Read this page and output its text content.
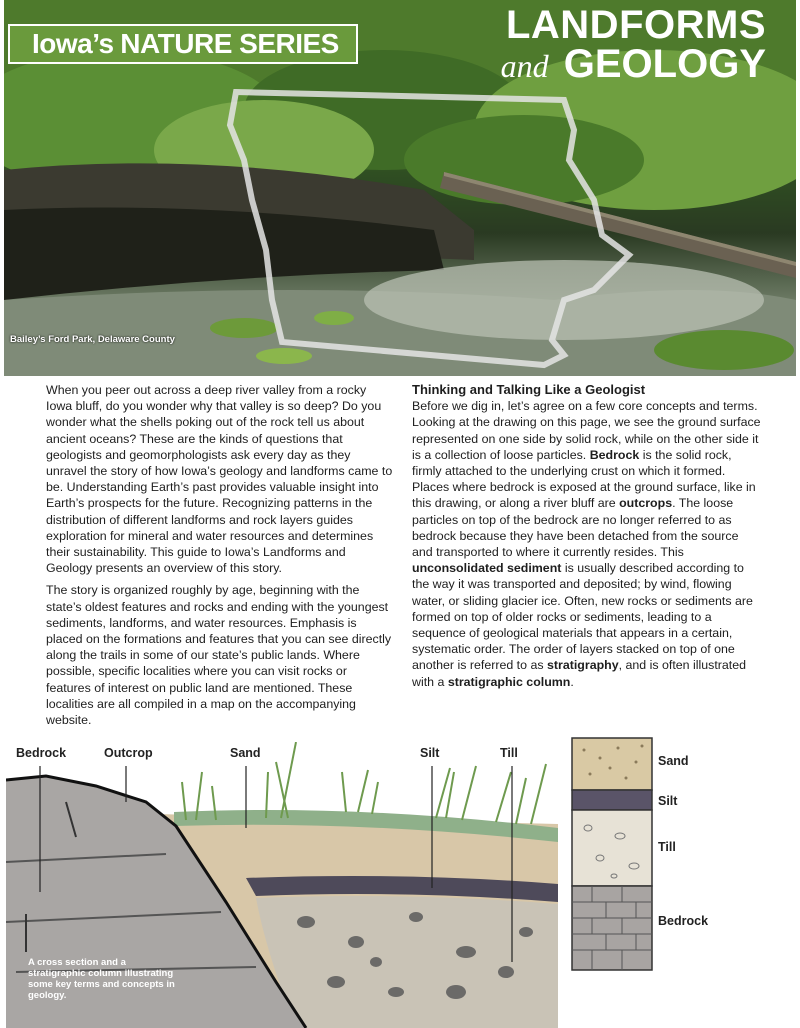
Iowa’s NATURE SERIES	LANDFORMS
and GEOLOGY
Bailey’s Ford Park, Delaware County

When you peer out across a deep river valley from a rocky Iowa bluff, do you wonder why that valley is so deep? Do you wonder what the shells poking out of the rock tell us about ancient oceans? These are the kinds of questions that geologists and geomorphologists ask every day as they unravel the story of how Iowa’s geology and landforms came to be. Understanding Earth’s past provides valuable insight into Earth’s prospects for the future. Recognizing patterns in the distribution of different landforms and rock layers guides exploration for mineral and water resources and determines their sustainability. This guide to Iowa’s Landforms and Geology presents an overview of this story.

The story is organized roughly by age, beginning with the state’s oldest features and rocks and ending with the youngest sediments, landforms, and water resources. Emphasis is placed on the formations and features that you can see directly along the trails in some of our state’s public lands. Where possible, specific localities where you can visit rocks or features of interest on public land are mentioned. These localities are all compiled in a map on the accompanying website.

Thinking and Talking Like a Geologist

Before we dig in, let’s agree on a few core concepts and terms. Looking at the drawing on this page, we see the ground surface represented on one side by solid rock, while on the other side it is a collection of loose particles. Bedrock is the solid rock, firmly attached to the underlying crust on which it formed. Places where bedrock is exposed at the ground surface, like in this drawing, or along a river bluff are outcrops. The loose particles on top of the bedrock are no longer referred to as bedrock because they have been detached from the source and transported to where it currently resides. This unconsolidated sediment is usually described according to the way it was transported and deposited; by wind, flowing water, or sliding glacier ice. Often, new rocks or sediments are formed on top of older rocks or sediments, leading to a sequence of geological materials that appears in a certain, systematic order. The order of layers stacked on top of one another is referred to as stratigraphy, and is often illustrated with a stratigraphic column.

Bedrock	Outcrop	Sand	Silt	Till
A cross section and a stratigraphic column illustrating some key terms and concepts in geology.
Sand
Silt
Till
Bedrock
